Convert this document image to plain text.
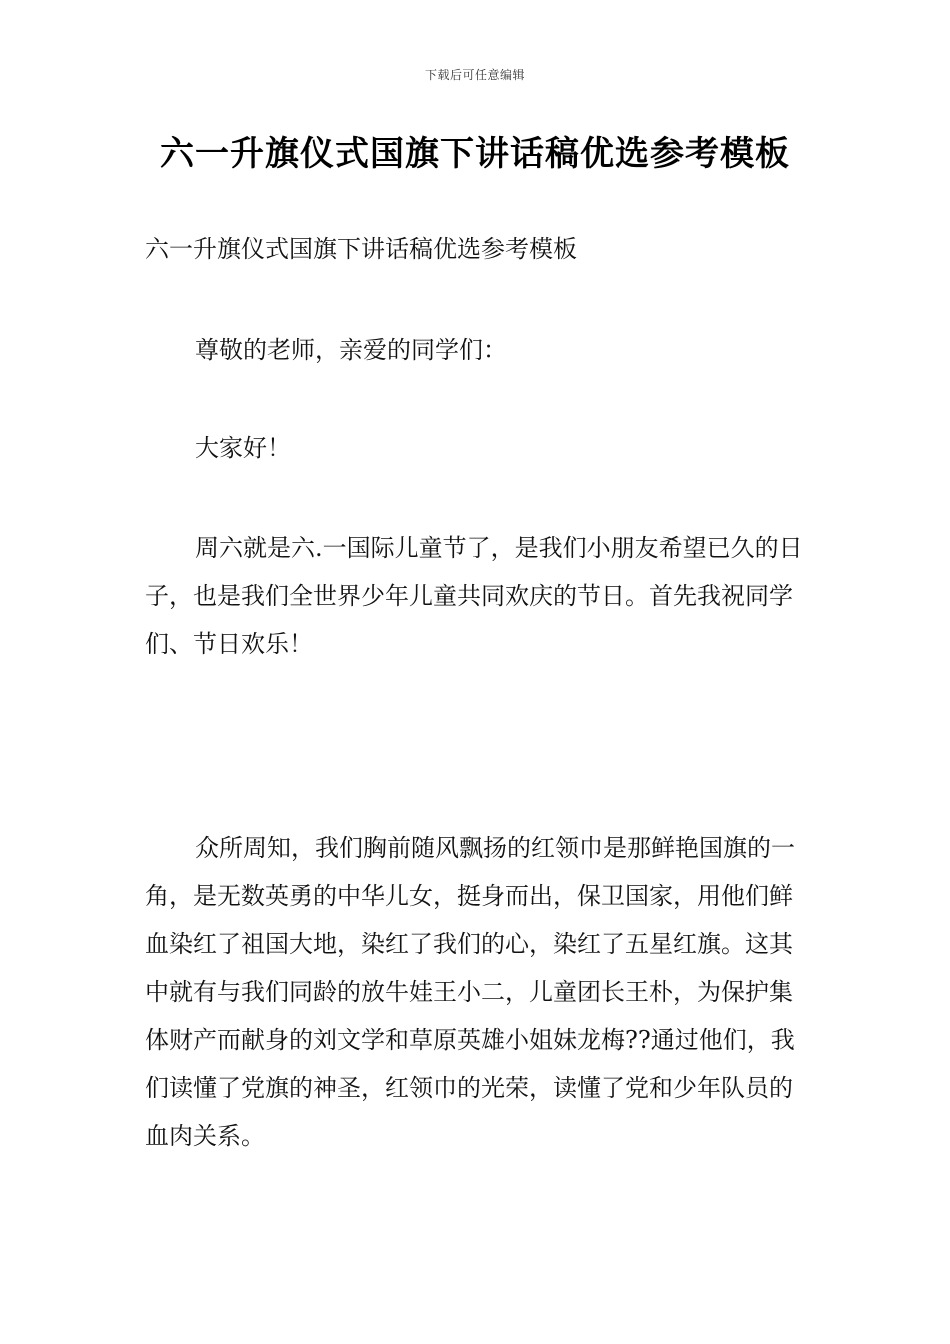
下载后可任意编辑
六一升旗仪式国旗下讲话稿优选参考模板

六一升旗仪式国旗下讲话稿优选参考模板

尊敬的老师，亲爱的同学们：

大家好！

周六就是六.一国际儿童节了，是我们小朋友希望已久的日子，也是我们全世界少年儿童共同欢庆的节日。首先我祝同学们、节日欢乐！

众所周知，我们胸前随风飘扬的红领巾是那鲜艳国旗的一角，是无数英勇的中华儿女，挺身而出，保卫国家，用他们鲜血染红了祖国大地，染红了我们的心，染红了五星红旗。这其中就有与我们同龄的放牛娃王小二，儿童团长王朴，为保护集体财产而献身的刘文学和草原英雄小姐妹龙梅??通过他们，我们读懂了党旗的神圣，红领巾的光荣，读懂了党和少年队员的血肉关系。
